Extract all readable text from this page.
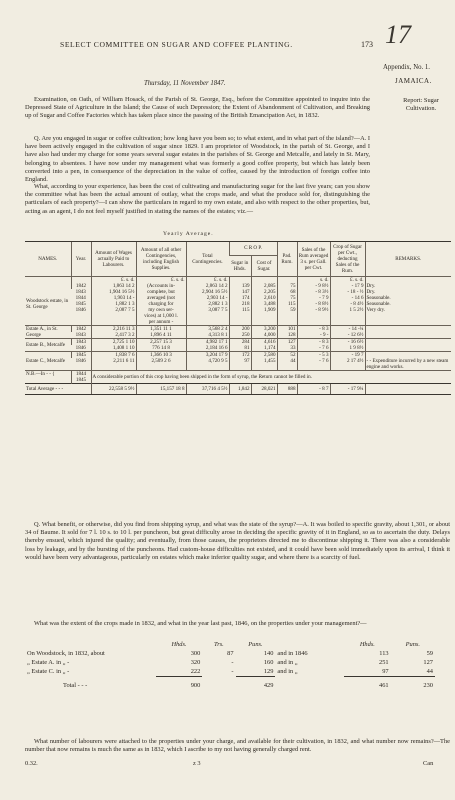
SELECT COMMITTEE ON SUGAR AND COFFEE PLANTING.	173 17
Appendix, No. 1.
JAMAICA.
Report: Sugar Cultivation.
Thursday, 11 November 1847.
Examination, on Oath, of William Hosack, of the Parish of St. George, Esq., before the Committee appointed to inquire into the Depressed State of Agriculture in the Island; the Cause of such Depression; the Extent of Abandonment of Cultivation, and Breaking up of Sugar and Coffee Factories which has taken place since the passing of the British Emancipation Act, in 1832.
Q. Are you engaged in sugar or coffee cultivation; how long have you been so; to what extent, and in what part of the island?—A. I have been actively engaged in the cultivation of sugar since 1829. I am proprietor of Woodstock, in the parish of St. George, and I have also had under my charge for some years several sugar estates in the parishes of St. George and Metcalfe, and lately in St. Mary, belonging to absentees. I have now under my management what was formerly a good coffee property, but which has lately been converted into a pen, in consequence of the depreciation in the value of coffee, caused by the introduction of foreign coffee into England.
What, according to your experience, has been the cost of cultivating and manufacturing sugar for the last five years; can you show the committee what has been the actual amount of outlay, what the crops made, and what the produce sold for, distinguishing the particulars of each property?—I can show the particulars in regard to my own estate, and also with respect to the other properties, but, acting as an agent, I do not feel myself justified in stating the names of the estates; viz.—
Yearly Average.
NAMES.	Year.	Amount of Wages actually Paid to Labourers.	Amount of all other Contingencies, including English Supplies.	Total Contingencies.	C R O P.		Pad. Rum.	Sales of the Rum averaged 3 s. per Gall. per Cwt.	Crop of Sugar per Cwt., deducting Sales of the Rum.	REMARKS.
					Sugar in Hhds.	Cost of Sugar.				
		£. s. d.	£. s. d.	£. s. d.				s. d.	£. s. d.	
Woodstock estate, in St. George	1842	1,863 14 2	(Accounts in-	2,863 14 2	139	2,085	75	- 9 8½	- 17 9	Dry.
	1843	1,904 16 5½	complete, but	2,904 16 5½	147	2,205	68	- 8 3½	- 18 - ½	Dry.
	1844	1,903 14 -	averaged (not	2,903 14 -	174	2,610	75	- 7 9	- 14 6	Seasonable.
	1845	1,882 1 3	charging for	2,882 1 3	218	3,488	115	- 8 8½	- 8 4½	Seasonable.
	1846	2,087 7 5	my own ser-	3,087 7 5	115	1,909	59	- 8 9½	1 5 2½	Very dry.
			vices) at 1,000 l.							
			per annum -							
Estate A., in St. George	1842	2,216 11 3	1,351 11 1	3,568 2 4	200	3,200	101	- 8 3	- 14 -¼	
	1843	2,417 3 2	1,896 4 11	4,313 8 1	250	4,000	128	- 9 -	- 12 6½	
Estate B., Metcalfe	1843	2,725 1 10	2,257 15 3	4,982 17 1	284	4,616	127	- 8 3	- 16 6½	
	1846	1,408 1 10	776 14 8	2,184 16 6	81	1,174	33	- 7 6	1 9 8½	
Estate C., Metcalfe	1845	1,838 7 6	1,366 10 3	3,204 17 9	172	2,580	52	- 5 3	- 19 7	
	1846	2,211 6 11	2,509 2 6	4,720 9 5	97	1,455	44	- 7 6	2 17 4½	- - Expenditure incurred by a new steam engine and works.
N.B.—In - - {	1844
1845	A considerable portion of this crop having been shipped in the form of syrup, the Return cannot be filled in.								
Total Average - - -		22,558 5 9½	15,157 18 8	37,716 4 5½	1,842	28,021	888	- 8 7	- 17 9¼	
Q. What benefit, or otherwise, did you find from shipping syrup, and what was the state of the syrup?—A. It was boiled to specific gravity, about 1,301, or about 34 of Baume. It sold for 7 l. 10 s. to 10 l. per puncheon, but great difficulty arose in deciding the specific gravity of it in England, so as to ascertain the duty. Delays thereby ensued, which injured the quality; and eventually, from those causes, the proprietors directed me to discontinue shipping it. There was also a considerable loss by leakage, and by the bursting of the puncheons. Had custom-house difficulties not existed, and it could have been sold immediately upon its arrival, I think it would have been very advantageous, particularly on estates which make inferior quality sugar, and where there is a scarcity of fuel.
What was the extent of the crops made in 1832, and what in the year last past, 1846, on the properties under your management?—
	Hhds.	Trs.	Puns.		Hhds.	Puns.
On Woodstock, in 1832, about	300	87	140	and in 1846	113	59
„ Estate A. in „ -	320	-	160	and in „	251	127
„ Estate C. in „ -	222	-	129	and in „	97	44
Total - - -	900		429		461	230
What number of labourers were attached to the properties under your charge, and available for their cultivation, in 1832, and what number now remains?—The number that now remains is much the same as in 1832, which I ascribe to my not having generally charged rent.
0.32.	z 3	Can
